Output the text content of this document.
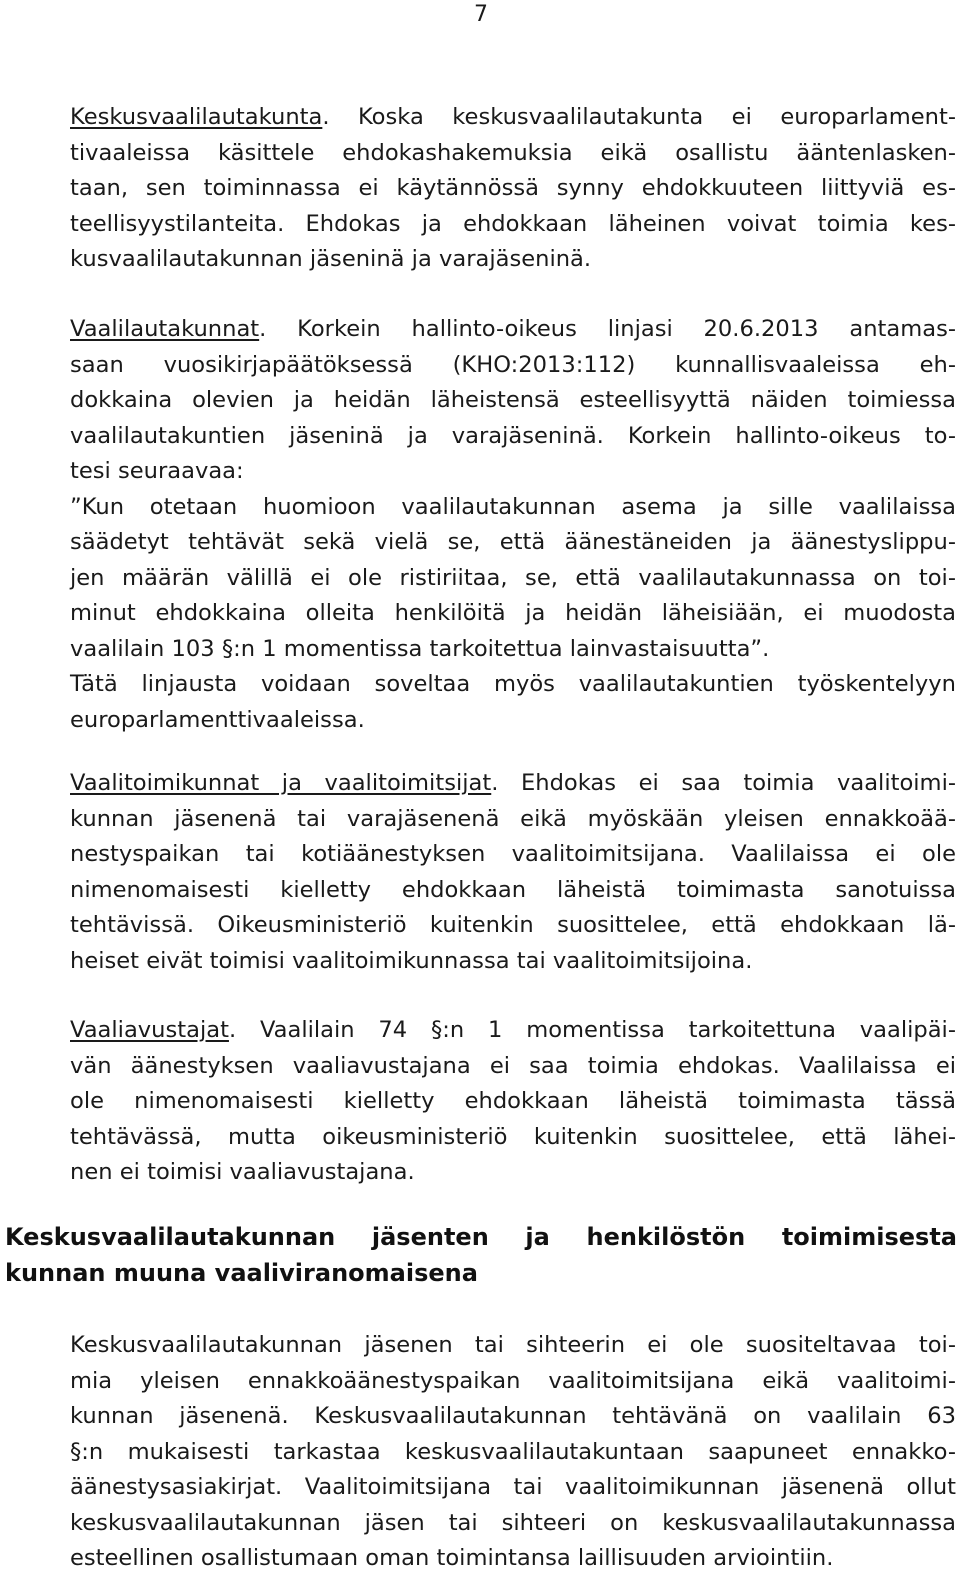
7
Keskusvaalilautakunta. Koska keskusvaalilautakunta ei europarlament-
tivaaleissa käsittele ehdokashakemuksia eikä osallistu ääntenlasken-
taan, sen toiminnassa ei käytännössä synny ehdokkuuteen liittyviä es-
teellisyystilanteita. Ehdokas ja ehdokkaan läheinen voivat toimia kes-
kusvaalilautakunnan jäseninä ja varajäseninä.
Vaalilautakunnat. Korkein hallinto-oikeus linjasi 20.6.2013 antamas-
saan vuosikirjapäätöksessä (KHO:2013:112) kunnallisvaaleissa eh-
dokkaina olevien ja heidän läheistensä esteellisyyttä näiden toimiessa
vaalilautakuntien jäseninä ja varajäseninä. Korkein hallinto-oikeus to-
tesi seuraavaa:
”Kun otetaan huomioon vaalilautakunnan asema ja sille vaalilaissa
säädetyt tehtävät sekä vielä se, että äänestäneiden ja äänestyslippu-
jen määrän välillä ei ole ristiriitaa, se, että vaalilautakunnassa on toi-
minut ehdokkaina olleita henkilöitä ja heidän läheisiään, ei muodosta
vaalilain 103 §:n 1 momentissa tarkoitettua lainvastaisuutta”.
Tätä linjausta voidaan soveltaa myös vaalilautakuntien työskentelyyn
europarlamenttivaaleissa.
Vaalitoimikunnat ja vaalitoimitsijat. Ehdokas ei saa toimia vaalitoimi-
kunnan jäsenenä tai varajäsenenä eikä myöskään yleisen ennakkoää-
nestyspaikan tai kotiäänestyksen vaalitoimitsijana. Vaalilaissa ei ole
nimenomaisesti kielletty ehdokkaan läheistä toimimasta sanotuissa
tehtävissä. Oikeusministeriö kuitenkin suosittelee, että ehdokkaan lä-
heiset eivät toimisi vaalitoimikunnassa tai vaalitoimitsijoina.
Vaaliavustajat. Vaalilain 74 §:n 1 momentissa tarkoitettuna vaalipäi-
vän äänestyksen vaaliavustajana ei saa toimia ehdokas. Vaalilaissa ei
ole nimenomaisesti kielletty ehdokkaan läheistä toimimasta tässä
tehtävässä, mutta oikeusministeriö kuitenkin suosittelee, että lähei-
nen ei toimisi vaaliavustajana.
Keskusvaalilautakunnan jäsenten ja henkilöstön toimimisesta
kunnan muuna vaaliviranomaisena
Keskusvaalilautakunnan jäsenen tai sihteerin ei ole suositeltavaa toi-
mia yleisen ennakkoäänestyspaikan vaalitoimitsijana eikä vaalitoimi-
kunnan jäsenenä. Keskusvaalilautakunnan tehtävänä on vaalilain 63
§:n mukaisesti tarkastaa keskusvaalilautakuntaan saapuneet ennakko-
äänestysasiakirjat. Vaalitoimitsijana tai vaalitoimikunnan jäsenenä ollut
keskusvaalilautakunnan jäsen tai sihteeri on keskusvaalilautakunnassa
esteellinen osallistumaan oman toimintansa laillisuuden arviointiin.
